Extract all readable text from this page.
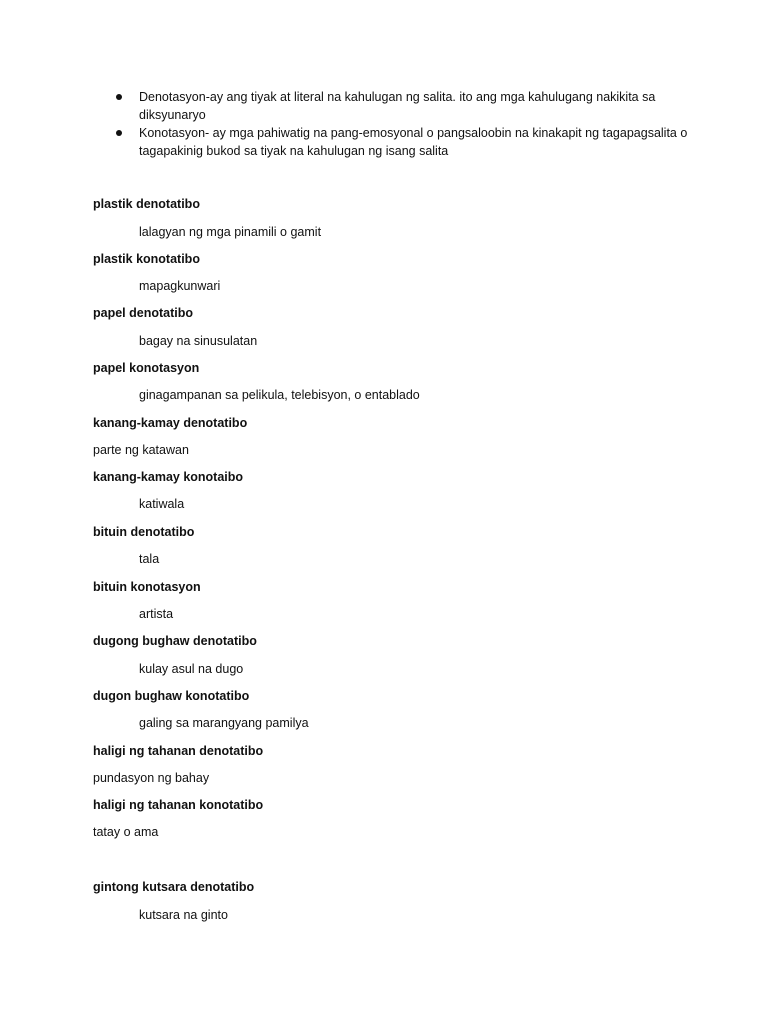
Denotasyon-ay ang tiyak at literal na kahulugan ng salita. ito ang mga kahulugang nakikita sa diksyunaryo
Konotasyon- ay mga pahiwatig na pang-emosyonal o pangsaloobin na kinakapit ng tagapagsalita o tagapakinig bukod sa tiyak na kahulugan ng isang salita
plastik denotatibo
lalagyan ng mga pinamili o gamit
plastik konotatibo
mapagkunwari
papel denotatibo
bagay na sinusulatan
papel konotasyon
ginagampanan sa pelikula, telebisyon, o entablado
kanang-kamay denotatibo
parte ng katawan
kanang-kamay konotaibo
katiwala
bituin denotatibo
tala
bituin konotasyon
artista
dugong bughaw denotatibo
kulay asul na dugo
dugon bughaw konotatibo
galing sa marangyang pamilya
haligi ng tahanan denotatibo
pundasyon ng bahay
haligi ng tahanan konotatibo
tatay o ama
gintong kutsara denotatibo
kutsara na ginto
